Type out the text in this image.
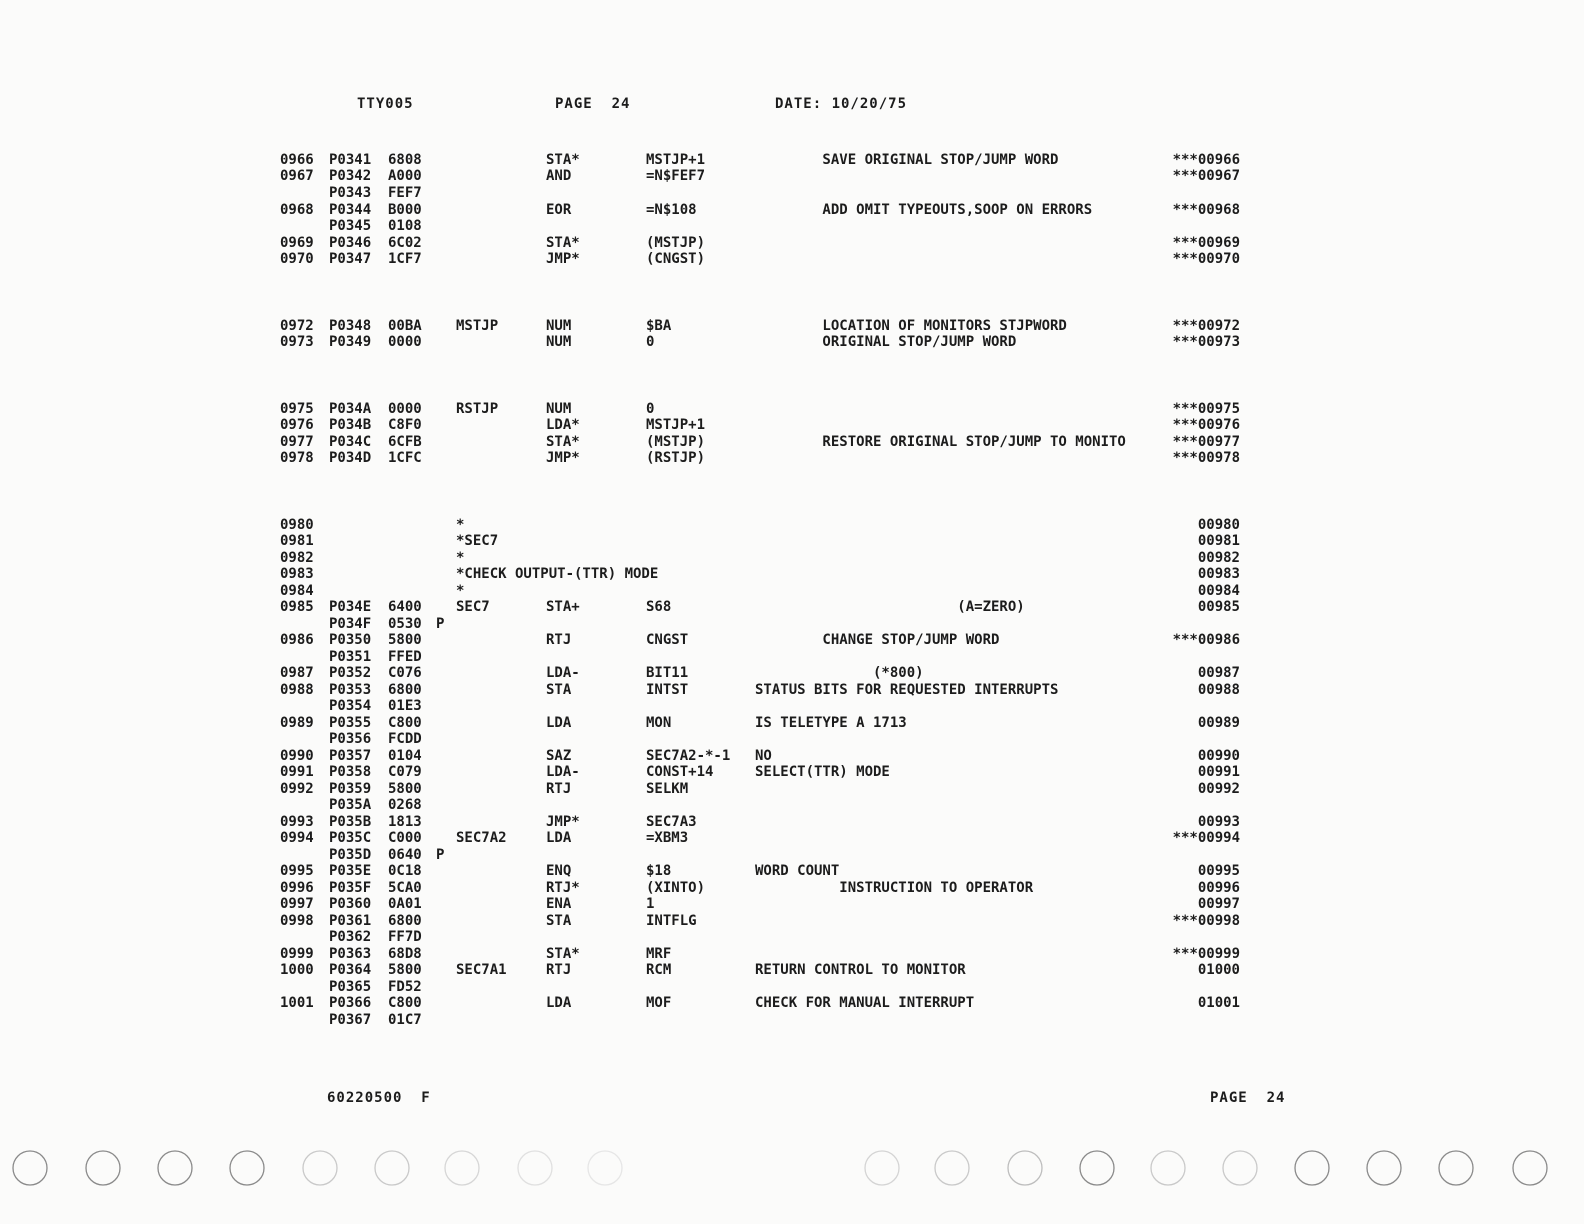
TTY005	PAGE  24	DATE: 10/20/75
0966 P0341 6808	STA*	MSTJP+1	SAVE ORIGINAL STOP/JUMP WORD	***00966
0967 P0342 A000	AND	=N$FEF7	***00967
P0343 FEF7
0968 P0344 B000	EOR	=N$108	ADD OMIT TYPEOUTS,SOOP ON ERRORS	***00968
P0345 0108
0969 P0346 6C02	STA*	(MSTJP)	***00969
0970 P0347 1CF7	JMP*	(CNGST)	***00970
0972 P0348 00BA MSTJP	NUM	$BA	LOCATION OF MONITORS STJPWORD	***00972
0973 P0349 0000	NUM	0	ORIGINAL STOP/JUMP WORD	***00973
0975 P034A 0000 RSTJP	NUM	0	***00975
0976 P034B C8F0	LDA*	MSTJP+1	***00976
0977 P034C 6CFB	STA*	(MSTJP)	RESTORE ORIGINAL STOP/JUMP TO MONITO	***00977
0978 P034D 1CFC	JMP*	(RSTJP)	***00978
0980	*	00980
0981	*SEC7	00981
0982	*	00982
0983	*CHECK OUTPUT-(TTR) MODE	00983
0984	*	00984
0985 P034E 6400 SEC7	STA+	S68	(A=ZERO)	00985
P034F 0530 P
0986 P0350 5800	RTJ	CNGST	CHANGE STOP/JUMP WORD	***00986
P0351 FFED
0987 P0352 C076	LDA-	BIT11	(*800)	00987
0988 P0353 6800	STA	INTST	STATUS BITS FOR REQUESTED INTERRUPTS	00988
P0354 01E3
0989 P0355 C800	LDA	MON	IS TELETYPE A 1713	00989
P0356 FCDD
0990 P0357 0104	SAZ	SEC7A2-*-1 NO	00990
0991 P0358 C079	LDA-	CONST+14	SELECT(TTR) MODE	00991
0992 P0359 5800	RTJ	SELKM	00992
P035A 0268
0993 P035B 1813	JMP*	SEC7A3	00993
0994 P035C C000 SEC7A2	LDA	=XBM3	***00994
P035D 0640 P
0995 P035E 0C18	ENQ	$18	WORD COUNT	00995
0996 P035F 5CA0	RTJ*	(XINTO)	INSTRUCTION TO OPERATOR	00996
0997 P0360 0A01	ENA	1	00997
0998 P0361 6800	STA	INTFLG	***00998
P0362 FF7D
0999 P0363 68D8	STA*	MRF	***00999
1000 P0364 5800 SEC7A1	RTJ	RCM	RETURN CONTROL TO MONITOR	01000
P0365 FD52
1001 P0366 C800	LDA	MOF	CHECK FOR MANUAL INTERRUPT	01001
P0367 01C7
60220500  F	PAGE  24
